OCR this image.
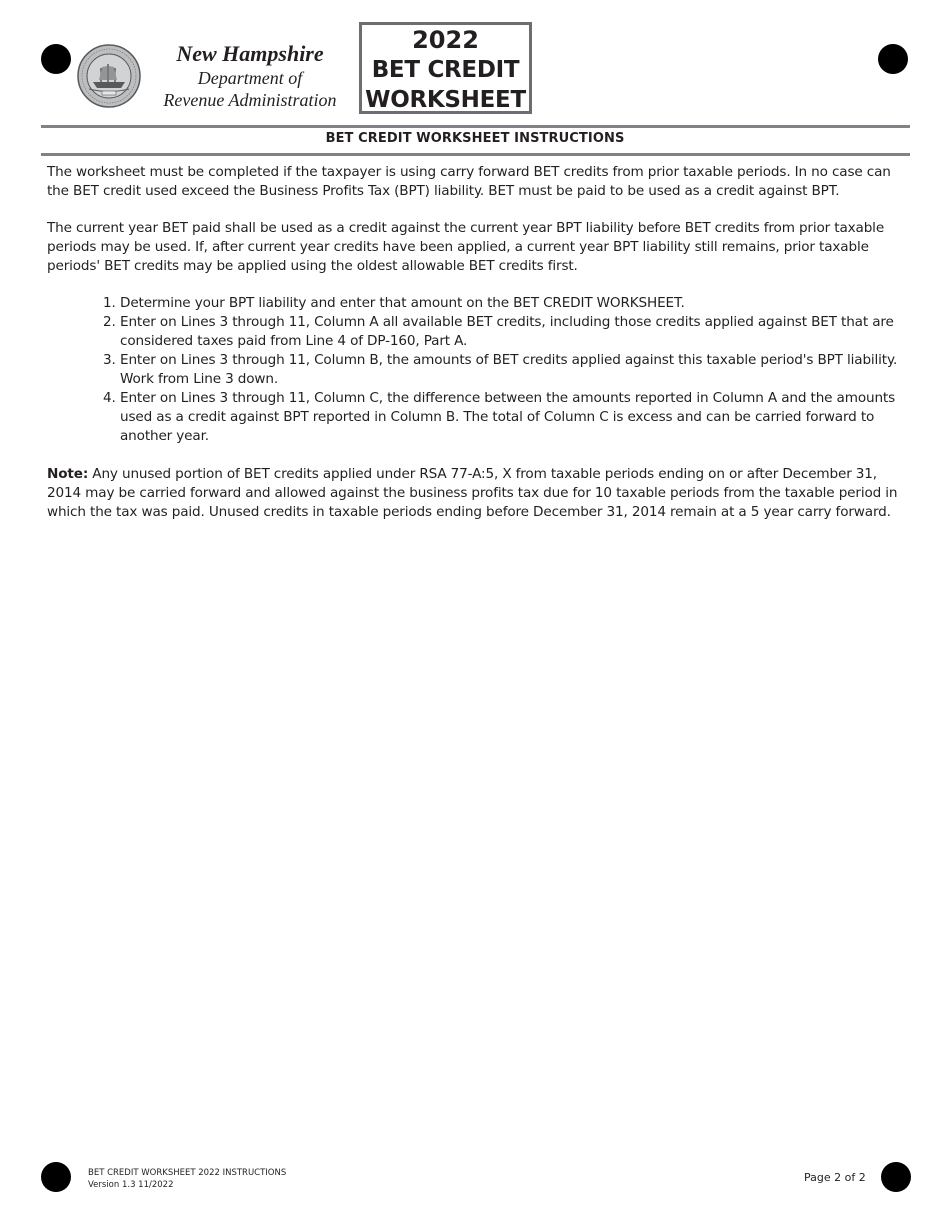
New Hampshire
Department of
Revenue Administration
2022
BET CREDIT
WORKSHEET
BET CREDIT WORKSHEET INSTRUCTIONS

The worksheet must be completed if the taxpayer is using carry forward BET credits from prior taxable periods. In no case can the BET credit used exceed the Business Profits Tax (BPT) liability. BET must be paid to be used as a credit against BPT.

The current year BET paid shall be used as a credit against the current year BPT liability before BET credits from prior taxable periods may be used. If, after current year credits have been applied, a current year BPT liability still remains, prior taxable periods' BET credits may be applied using the oldest allowable BET credits first.

1. Determine your BPT liability and enter that amount on the BET CREDIT WORKSHEET.
2. Enter on Lines 3 through 11, Column A all available BET credits, including those credits applied against BET that are considered taxes paid from Line 4 of DP-160, Part A.
3. Enter on Lines 3 through 11, Column B, the amounts of BET credits applied against this taxable period's BPT liability. Work from Line 3 down.
4. Enter on Lines 3 through 11, Column C, the difference between the amounts reported in Column A and the amounts used as a credit against BPT reported in Column B. The total of Column C is excess and can be carried forward to another year.

Note: Any unused portion of BET credits applied under RSA 77-A:5, X from taxable periods ending on or after December 31, 2014 may be carried forward and allowed against the business profits tax due for 10 taxable periods from the taxable period in which the tax was paid. Unused credits in taxable periods ending before December 31, 2014 remain at a 5 year carry forward.

BET CREDIT WORKSHEET 2022 INSTRUCTIONS
Version 1.3 11/2022
Page 2 of 2
